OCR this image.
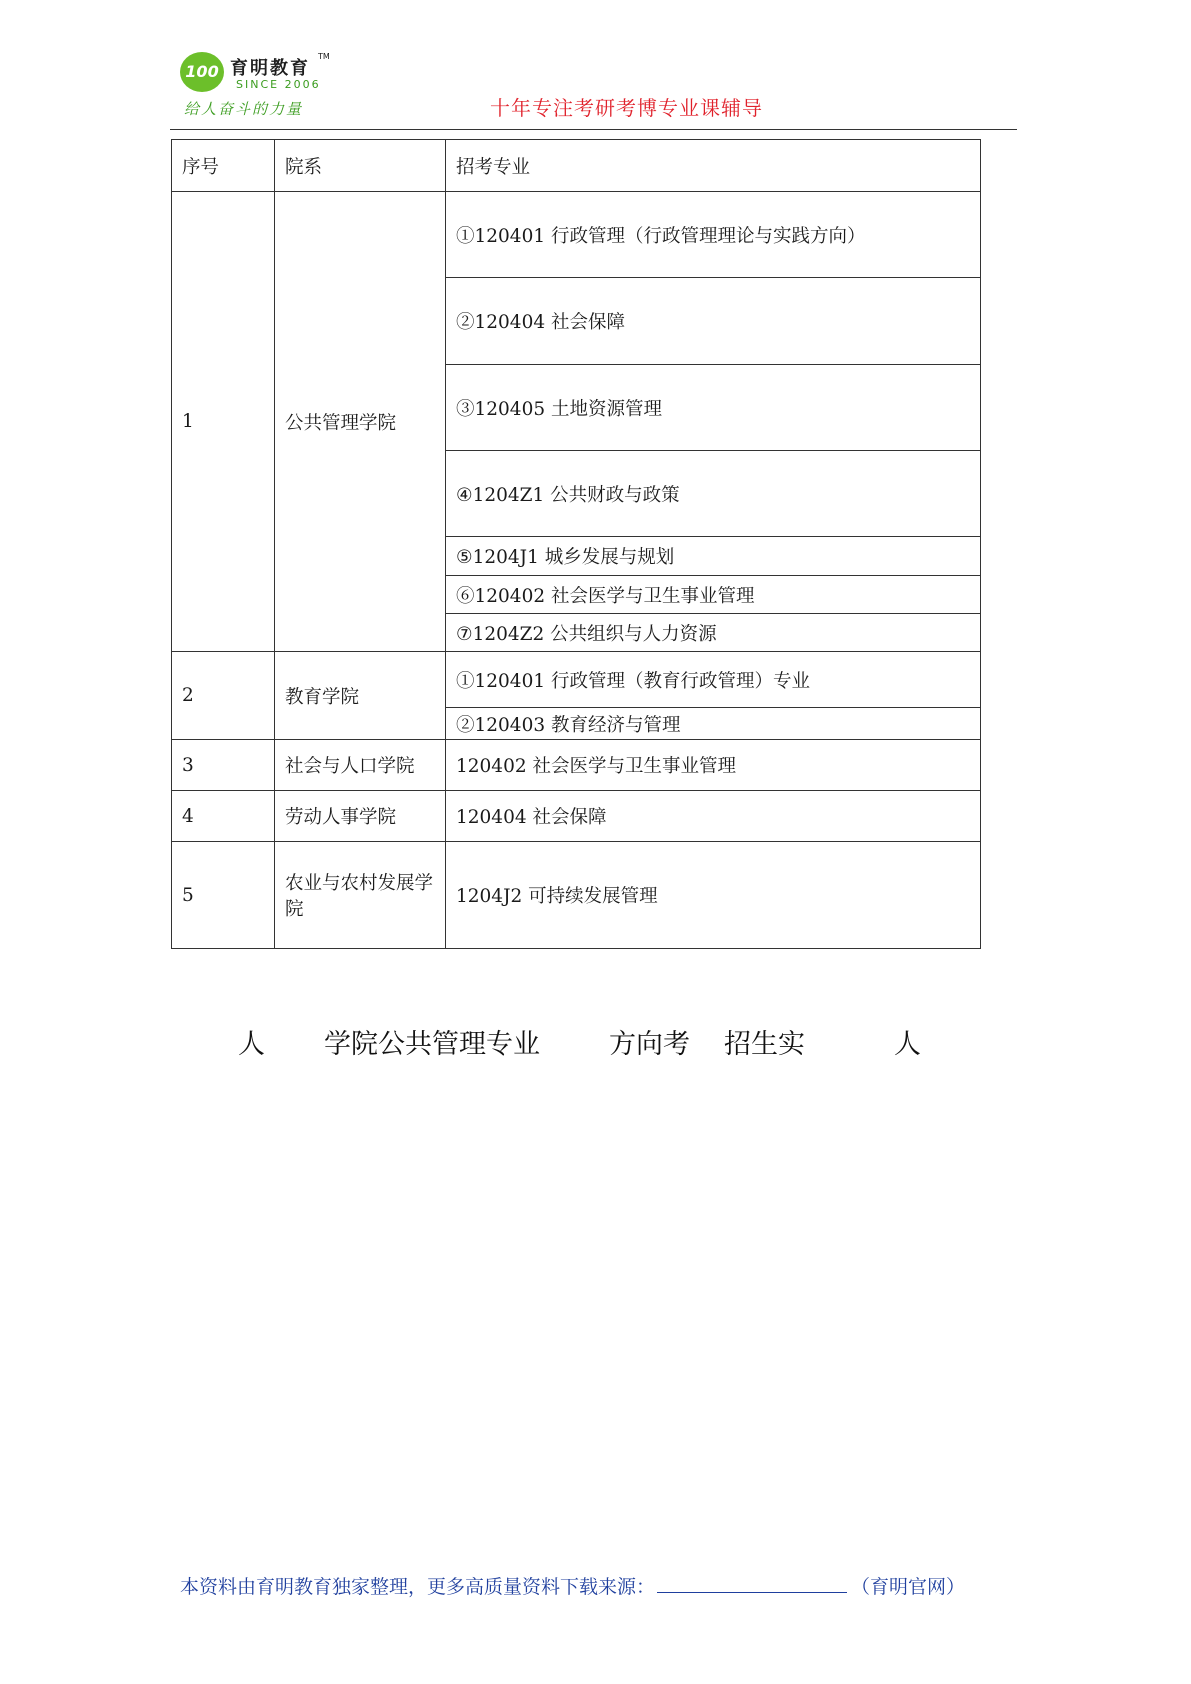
100 育明教育
TM
SINCE 2006
给人奋斗的力量	十年专注考研考博专业课辅导
序号	院系	招考专业
1	公共管理学院	①120401 行政管理（行政管理理论与实践方向）
		②120404 社会保障
		③120405 土地资源管理
		④1204Z1 公共财政与政策
		⑤1204J1 城乡发展与规划
		⑥120402 社会医学与卫生事业管理
		⑦1204Z2 公共组织与人力资源
2	教育学院	①120401 行政管理（教育行政管理）专业
		②120403 教育经济与管理
3	社会与人口学院	120402 社会医学与卫生事业管理
4	劳动人事学院	120404 社会保障
5	农业与农村发展学院	1204J2 可持续发展管理
人 学院公共管理专业	方向考 招生实	人
本资料由育明教育独家整理，更多高质量资料下载来源：	（育明官网）
